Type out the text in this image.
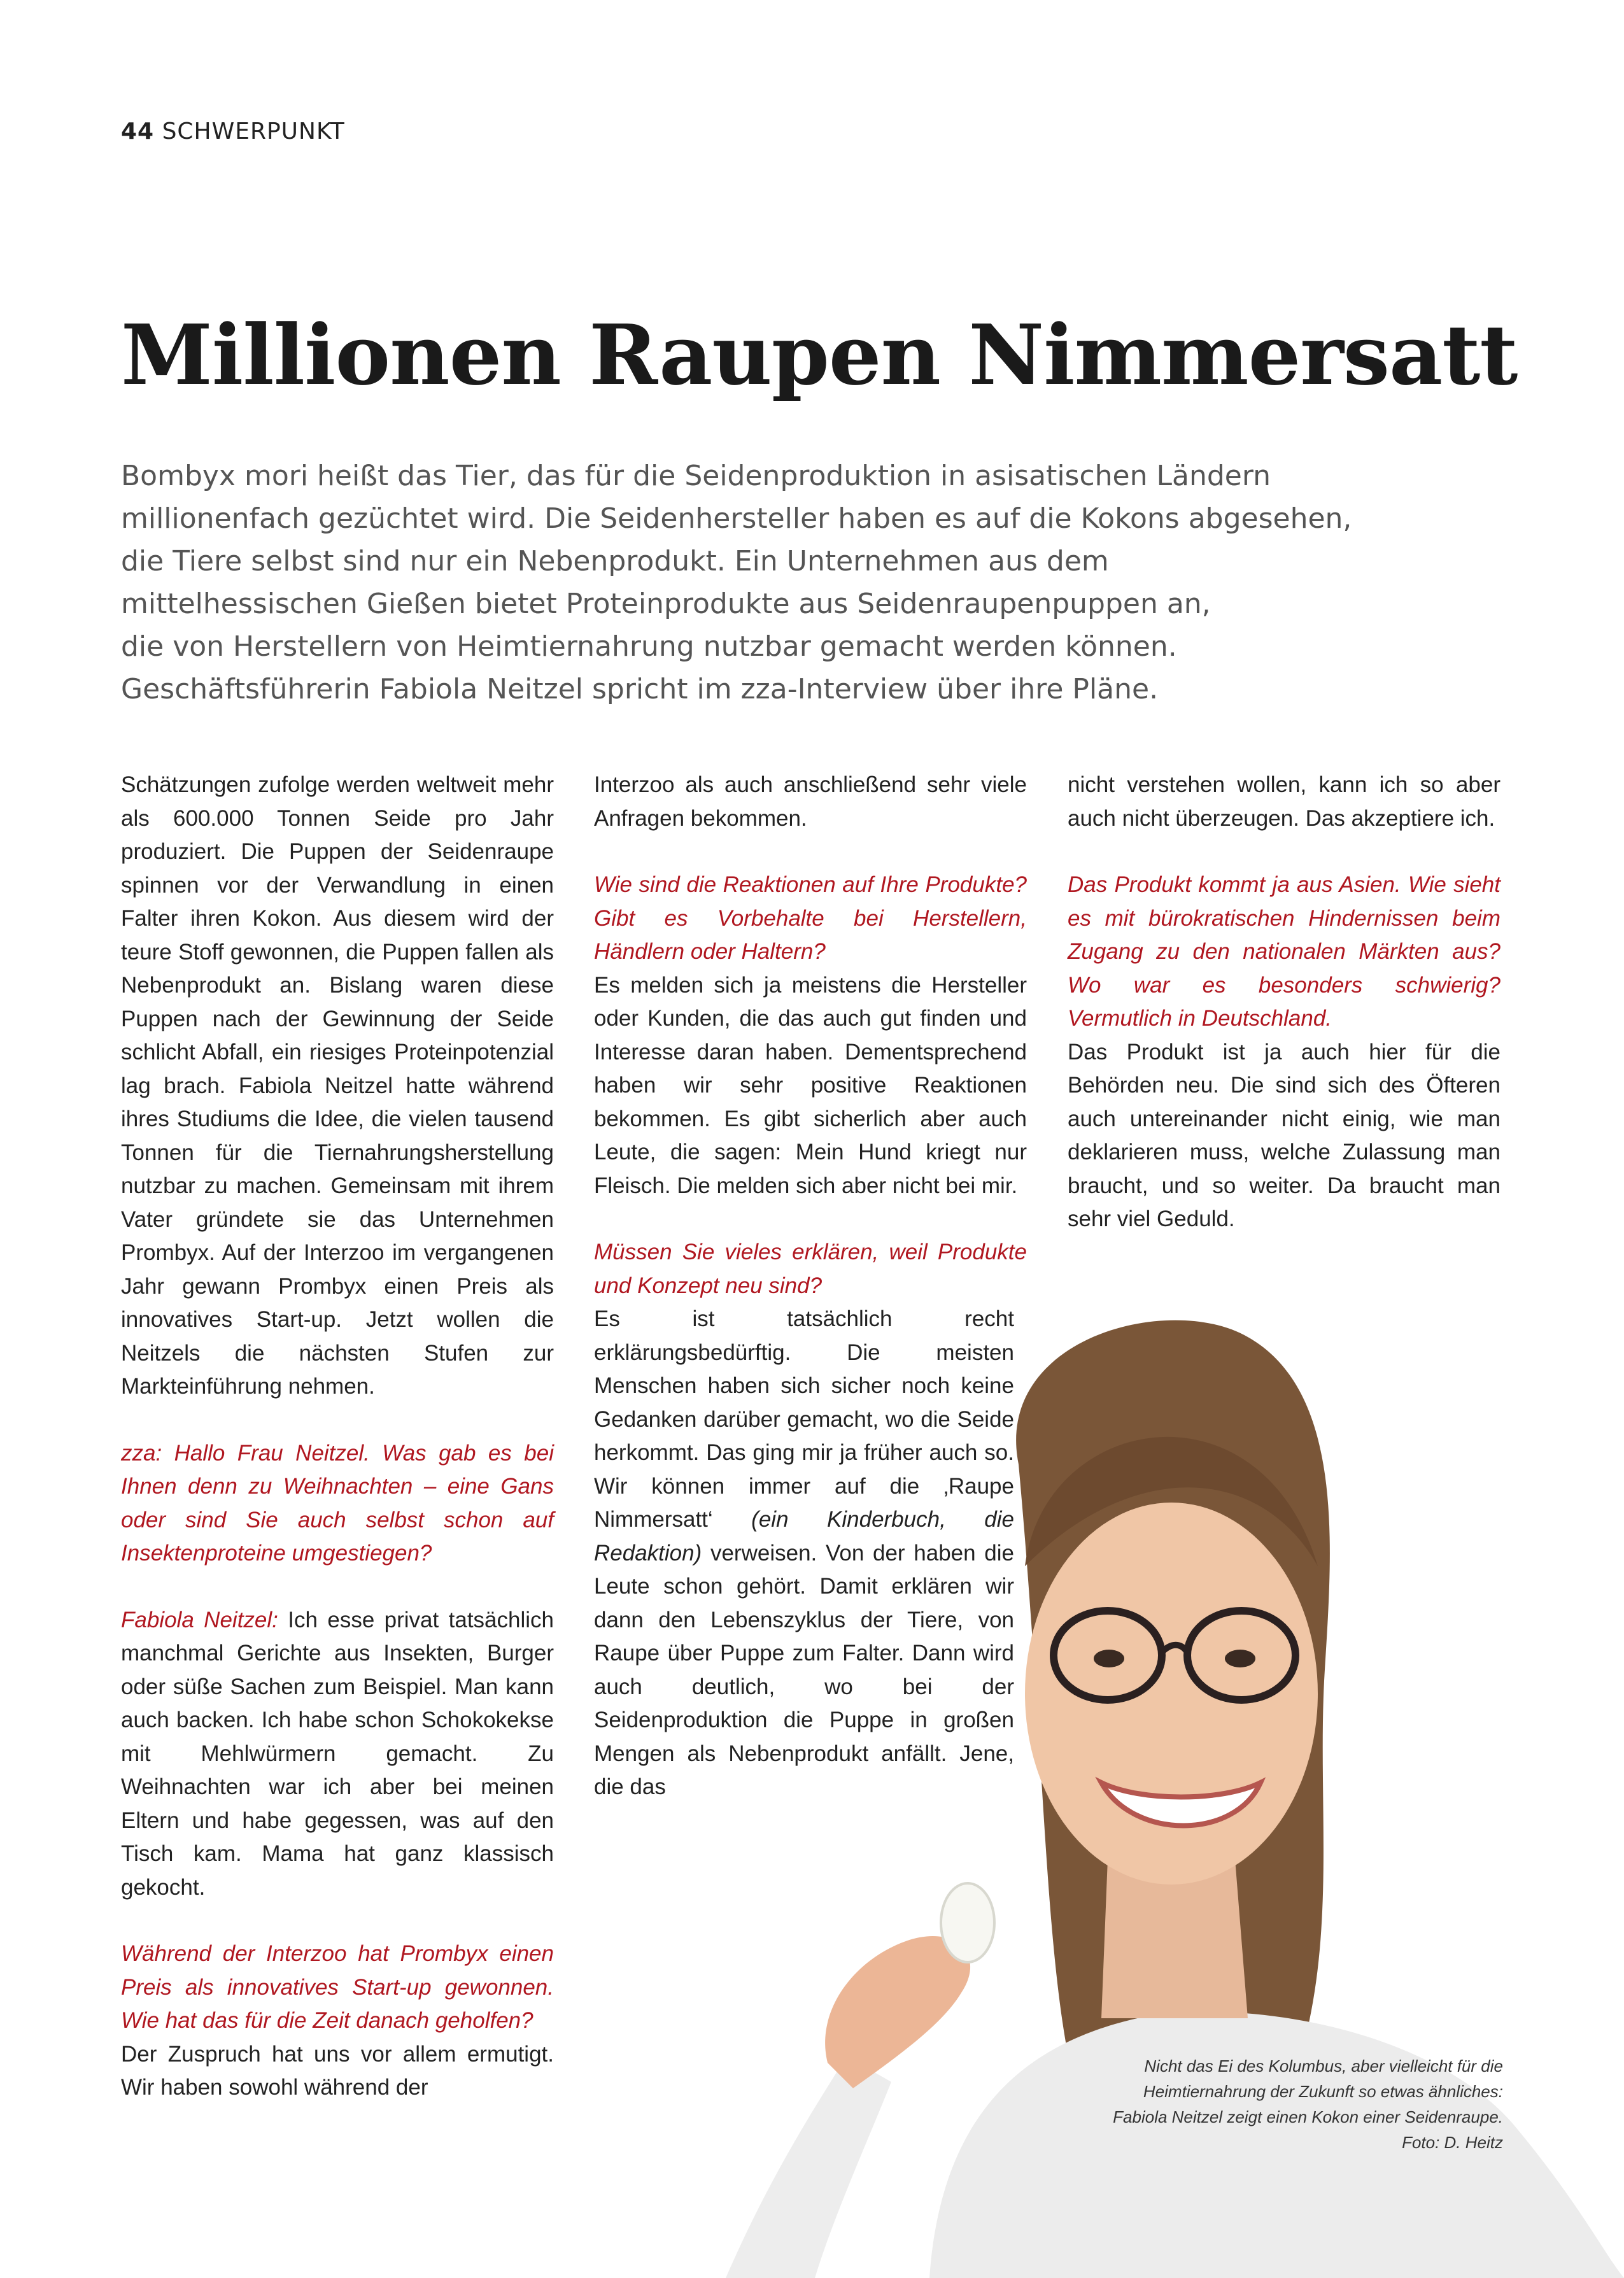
44 SCHWERPUNKT
Millionen Raupen Nimmersatt
Bombyx mori heißt das Tier, das für die Seidenproduktion in asisatischen Ländern
millionenfach gezüchtet wird. Die Seidenhersteller haben es auf die Kokons abgesehen,
die Tiere selbst sind nur ein Nebenprodukt. Ein Unternehmen aus dem
mittelhessischen Gießen bietet Proteinprodukte aus Seidenraupenpuppen an,
die von Herstellern von Heimtiernahrung nutzbar gemacht werden können.
Geschäftsführerin Fabiola Neitzel spricht im zza-Interview über ihre Pläne.

Schätzungen zufolge werden weltweit mehr als 600.000 Tonnen Seide pro Jahr produziert. Die Puppen der Seidenraupe spinnen vor der Verwandlung in einen Falter ihren Kokon. Aus diesem wird der teure Stoff gewonnen, die Puppen fallen als Nebenprodukt an. Bislang waren diese Puppen nach der Gewinnung der Seide schlicht Abfall, ein riesiges Proteinpotenzial lag brach. Fabiola Neitzel hatte während ihres Studiums die Idee, die vielen tausend Tonnen für die Tiernahrungsherstellung nutzbar zu machen. Gemeinsam mit ihrem Vater gründete sie das Unternehmen Prombyx. Auf der Interzoo im vergangenen Jahr gewann Prombyx einen Preis als innovatives Start-up. Jetzt wollen die Neitzels die nächsten Stufen zur Markteinführung nehmen.

zza: Hallo Frau Neitzel. Was gab es bei Ihnen denn zu Weihnachten – eine Gans oder sind Sie auch selbst schon auf Insektenproteine umgestiegen?

Fabiola Neitzel: Ich esse privat tatsächlich manchmal Gerichte aus Insekten, Burger oder süße Sachen zum Beispiel. Man kann auch backen. Ich habe schon Schokokekse mit Mehlwürmern gemacht. Zu Weihnachten war ich aber bei meinen Eltern und habe gegessen, was auf den Tisch kam. Mama hat ganz klassisch gekocht.

Während der Interzoo hat Prombyx einen Preis als innovatives Start-up gewonnen. Wie hat das für die Zeit danach geholfen?
Der Zuspruch hat uns vor allem ermutigt. Wir haben sowohl während der

Interzoo als auch anschließend sehr viele Anfragen bekommen.

Wie sind die Reaktionen auf Ihre Produkte? Gibt es Vorbehalte bei Herstellern, Händlern oder Haltern?

Es melden sich ja meistens die Hersteller oder Kunden, die das auch gut finden und Interesse daran haben. Dementsprechend haben wir sehr positive Reaktionen bekommen. Es gibt sicherlich aber auch Leute, die sagen: Mein Hund kriegt nur Fleisch. Die melden sich aber nicht bei mir.

Müssen Sie vieles erklären, weil Produkte und Konzept neu sind?

Es ist tatsächlich recht erklärungsbedürftig. Die meisten Menschen haben sich sicher noch keine Gedanken darüber gemacht, wo die Seide herkommt. Das ging mir ja früher auch so. Wir können immer auf die ‚Raupe Nimmersatt‘ (ein Kinderbuch, die Redaktion) verweisen. Von der haben die Leute schon gehört. Damit erklären wir dann den Lebenszyklus der Tiere, von Raupe über Puppe zum Falter. Dann wird auch deutlich, wo bei der Seidenproduktion die Puppe in großen Mengen als Nebenprodukt anfällt. Jene, die das

nicht verstehen wollen, kann ich so aber auch nicht überzeugen. Das akzeptiere ich.

Das Produkt kommt ja aus Asien. Wie sieht es mit bürokratischen Hindernissen beim Zugang zu den nationalen Märkten aus? Wo war es besonders schwierig? Vermutlich in Deutschland.

Das Produkt ist ja auch hier für die Behörden neu. Die sind sich des Öfteren auch untereinander nicht einig, wie man deklarieren muss, welche Zulassung man braucht, und so weiter. Da braucht man sehr viel Geduld.

Nicht das Ei des Kolumbus, aber vielleicht für die
Heimtiernahrung der Zukunft so etwas ähnliches:
Fabiola Neitzel zeigt einen Kokon einer Seidenraupe.
Foto: D. Heitz
